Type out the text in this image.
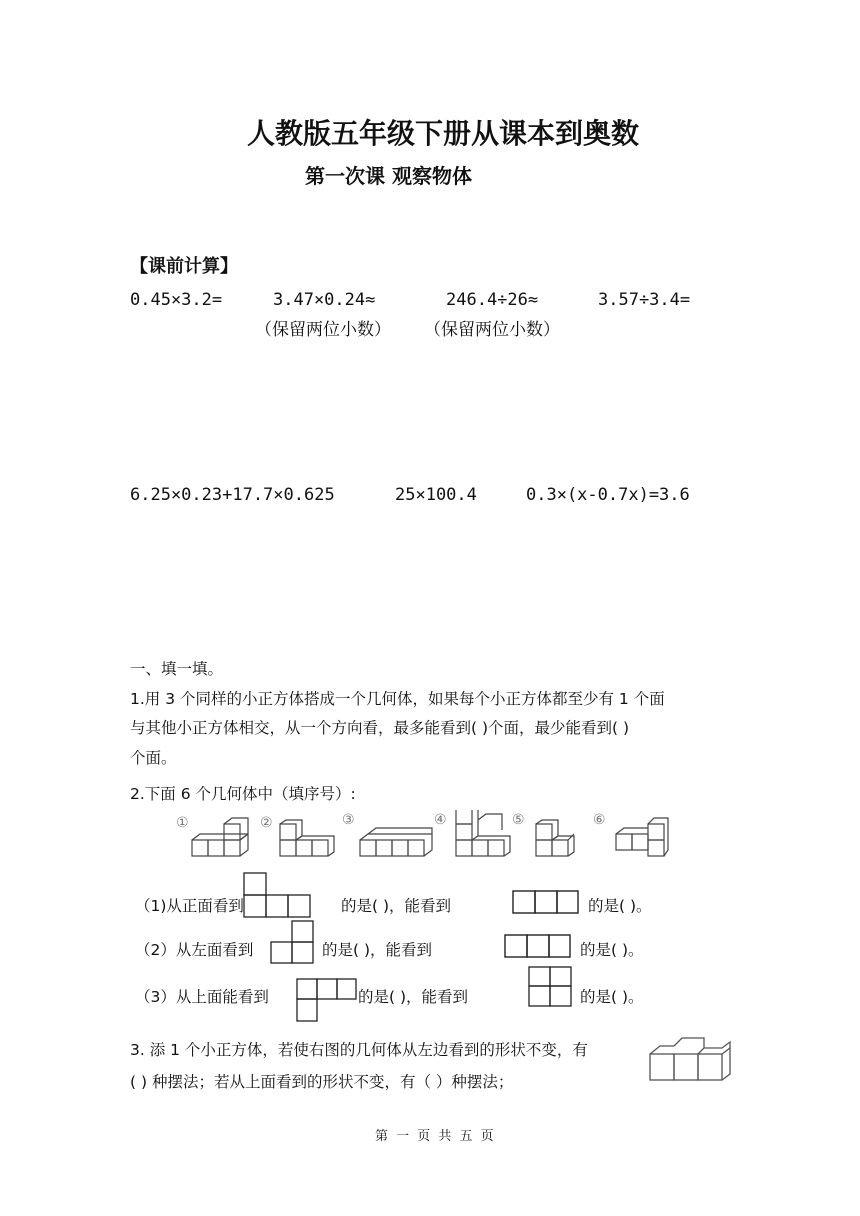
人教版五年级下册从课本到奥数
第一次课 观察物体
【课前计算】
0.45×3.2=	3.47×0.24≈	246.4÷26≈	3.57÷3.4=
（保留两位小数） （保留两位小数）
6.25×0.23+17.7×0.625	25×100.4	0.3×(x-0.7x)=3.6
一、填一填。
1.用 3 个同样的小正方体搭成一个几何体，如果每个小正方体都至少有 1 个面
与其他小正方体相交，从一个方向看，最多能看到( )个面，最少能看到( )
个面。
2.下面 6 个几何体中（填序号）:
①	②	③	④	⑤	⑥
（1)从正面看到	的是( )，能看到	的是( )。
（2）从左面看到	的是( )，能看到	的是( )。
（3）从上面能看到	的是( )，能看到	的是( )。
3. 添 1 个小正方体，若使右图的几何体从左边看到的形状不变，有
( ) 种摆法；若从上面看到的形状不变，有（ ）种摆法；
第 一 页 共 五 页
